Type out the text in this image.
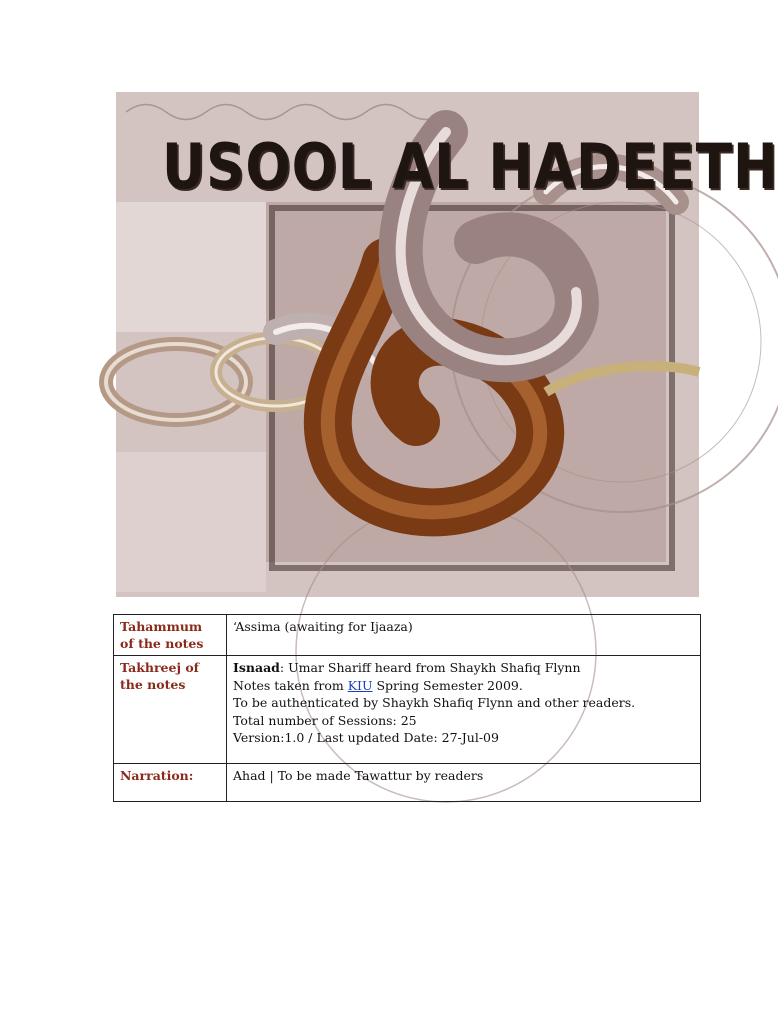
USOOL AL HADEETH
Tahammum of the notes	‘Assima (awaiting for Ijaaza)
Takhreej of the notes	Isnaad: Umar Shariff heard from Shaykh Shafiq Flynn
Notes taken from KIU Spring Semester 2009.
To be authenticated by Shaykh Shafiq Flynn and other readers.
Total number of Sessions: 25
Version:1.0 / Last updated Date: 27-Jul-09

Narration:	Ahad | To be made Tawattur by readers
